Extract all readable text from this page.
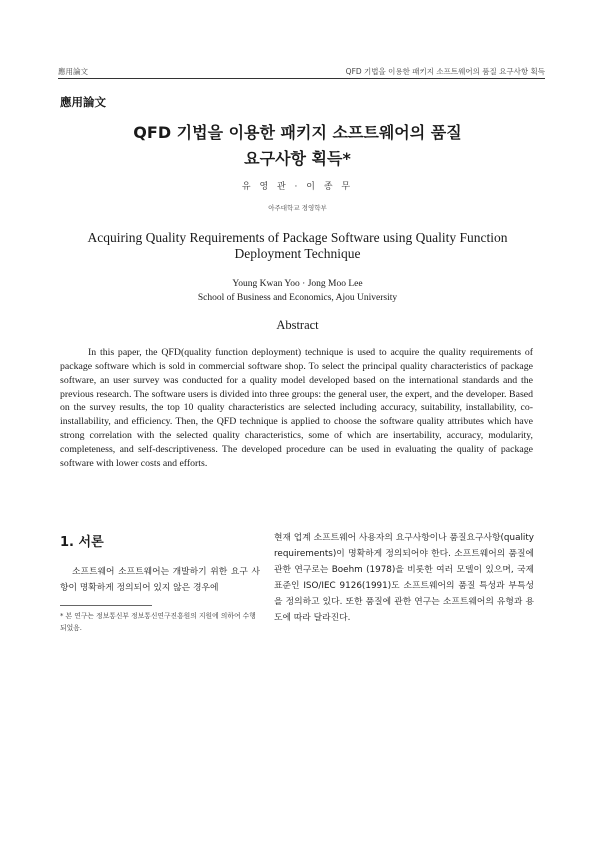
應用論文	QFD 기법을 이용한 패키지 소프트웨어의 품질 요구사항 획득
應用論文
QFD 기법을 이용한 패키지 소프트웨어의 품질
요구사항 획득*
유 영 관 · 이 종 무
아주대학교 경영학부
Acquiring Quality Requirements of Package Software using Quality Function Deployment Technique
Young Kwan Yoo · Jong Moo Lee
School of Business and Economics, Ajou University
Abstract

In this paper, the QFD(quality function deployment) technique is used to acquire the quality requirements of package software which is sold in commercial software shop. To select the principal quality characteristics of package software, an user survey was conducted for a quality model developed based on the international standards and the previous research. The software users is divided into three groups: the general user, the expert, and the developer. Based on the survey results, the top 10 quality characteristics are selected including accuracy, suitability, installability, co-installability, and efficiency. Then, the QFD technique is applied to choose the software quality attributes which have strong correlation with the selected quality characteristics, some of which are insertability, accuracy, modularity, completeness, and self-descriptiveness. The developed procedure can be used in evaluating the quality of package software with lower costs and efforts.

1. 서론

소프트웨어 소프트웨어는 개발하기 위한 요구 사항이 명확하게 정의되어 있지 않은 경우에

* 본 연구는 정보통신부 정보통신연구진흥원의 지원에 의하여 수행되었음.

현재 업계 소프트웨어 사용자의 요구사항이나 품질요구사항(quality requirements)이 명확하게 정의되어야 한다. 소프트웨어의 품질에 관한 연구로는 Boehm (1978)을 비롯한 여러 모델이 있으며, 국제표준인 ISO/IEC 9126(1991)도 소프트웨어의 품질 특성과 부특성을 정의하고 있다. 또한 품질에 관한 연구는 소프트웨어의 유형과 용도에 따라 달라진다.
